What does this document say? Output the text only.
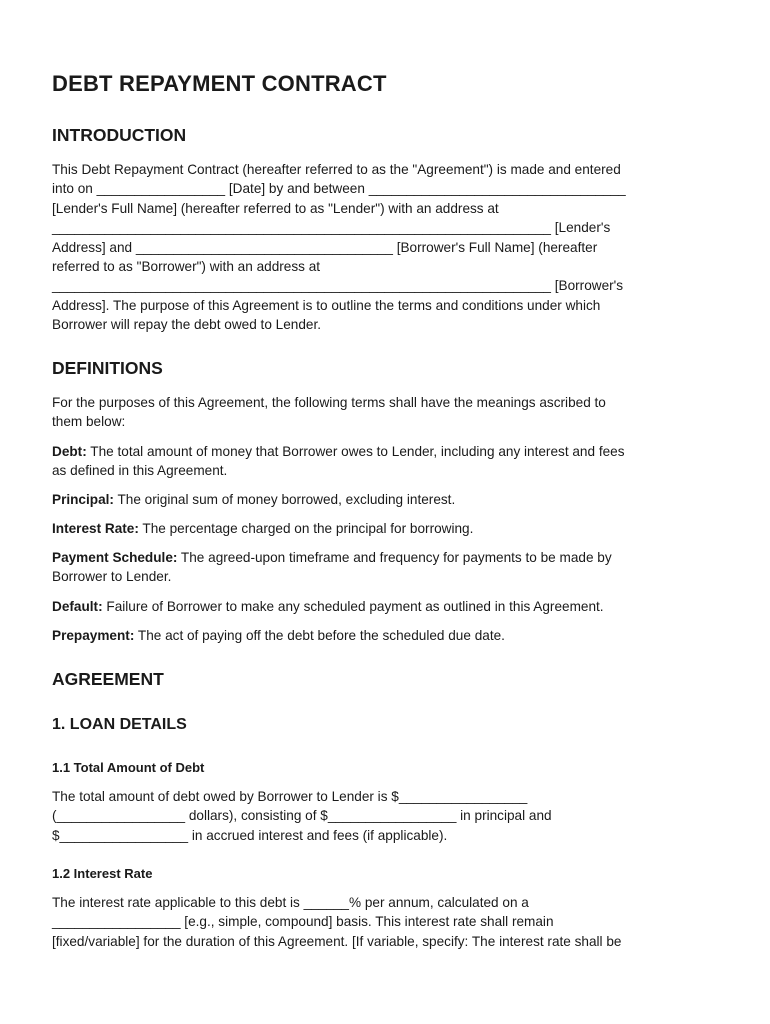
DEBT REPAYMENT CONTRACT
INTRODUCTION

This Debt Repayment Contract (hereafter referred to as the "Agreement") is made and entered
into on _________________ [Date] by and between __________________________________
[Lender's Full Name] (hereafter referred to as "Lender") with an address at
__________________________________________________________________ [Lender's
Address] and __________________________________ [Borrower's Full Name] (hereafter
referred to as "Borrower") with an address at
__________________________________________________________________ [Borrower's
Address]. The purpose of this Agreement is to outline the terms and conditions under which
Borrower will repay the debt owed to Lender.

DEFINITIONS

For the purposes of this Agreement, the following terms shall have the meanings ascribed to
them below:

Debt: The total amount of money that Borrower owes to Lender, including any interest and fees
as defined in this Agreement.

Principal: The original sum of money borrowed, excluding interest.

Interest Rate: The percentage charged on the principal for borrowing.

Payment Schedule: The agreed-upon timeframe and frequency for payments to be made by
Borrower to Lender.

Default: Failure of Borrower to make any scheduled payment as outlined in this Agreement.

Prepayment: The act of paying off the debt before the scheduled due date.

AGREEMENT
1. LOAN DETAILS
1.1 Total Amount of Debt

The total amount of debt owed by Borrower to Lender is $_________________
(_________________ dollars), consisting of $_________________ in principal and
$_________________ in accrued interest and fees (if applicable).

1.2 Interest Rate

The interest rate applicable to this debt is ______% per annum, calculated on a
_________________ [e.g., simple, compound] basis. This interest rate shall remain
[fixed/variable] for the duration of this Agreement. [If variable, specify: The interest rate shall be
